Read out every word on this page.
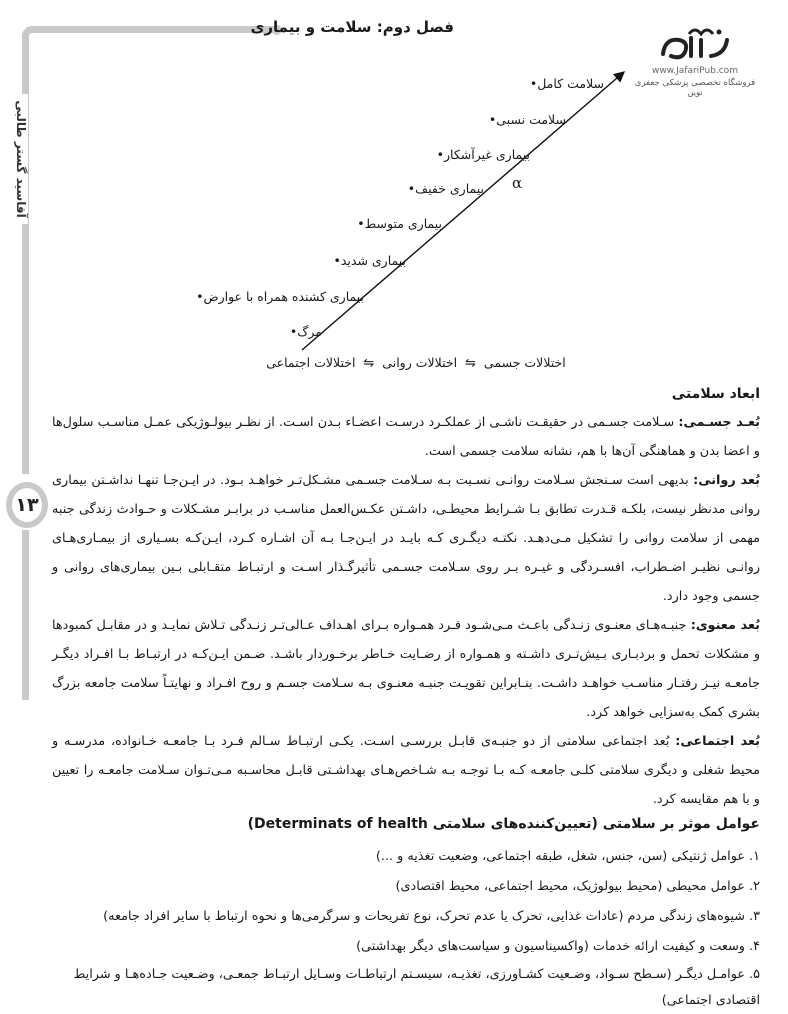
آقاسید گستر طالبی
۱۳
فصل دوم: سلامت و بیماری
www.JafariPub.com
فروشگاه تخصصی پزشکی جعفری نوین
α
سلامت کامل•
سلامت نسبی•
بیماری غیرآشکار•
بیماری خفیف•
بیماری متوسط•
بیماری شدید•
بیماری کشنده همراه با عوارض•
مرگ•
اختلالات جسمی ⇋ اختلالات روانی ⇋ اختلالات اجتماعی
ابعاد سلامتی

بُعـد جسـمی: سـلامت جسـمی در حقیقـت ناشـی از عملکـرد درسـت اعضـاء بـدن اسـت. از نظـر بیولـوژیکی عمـل مناسـب سلول‌ها و اعضا بدن و هماهنگی آن‌ها با هم، نشانه سلامت جسمی است.

بُعد روانی: بدیهی است سـنجش سـلامت روانـی نسـبت بـه سـلامت جسـمی مشـکل‌تـر خواهـد بـود. در ایـن‌جـا تنهـا نداشـتن بیماری روانی مدنظر نیست، بلکـه قـدرت تطابق بـا شـرایط محیطـی، داشـتن عکـس‌العمل مناسـب در برابـر مشـکلات و حـوادث زندگی جنبه مهمی از سلامت روانی را تشکیل مـی‌دهـد. نکتـه دیگـری کـه بایـد در ایـن‌جـا بـه آن اشـاره کـرد، ایـن‌کـه بسـیاری از بیمـاری‌هـای روانـی نظیـر اضـطراب، افسـردگی و غیـره بـر روی سـلامت جسـمی تأثیرگـذار اسـت و ارتبـاط متقـابلی بـین بیماری‌های روانی و جسمی وجود دارد.

بُعد معنوی: جنبـه‌هـای معنـوی زنـدگی باعـث مـی‌شـود فـرد همـواره بـرای اهـداف عـالی‌تـر زنـدگی تـلاش نمایـد و در مقابـل کمبودها و مشکلات تحمل و بردبـاری بـیش‌تـری داشـته و همـواره از رضـایت خـاطر برخـوردار باشـد. ضـمن ایـن‌کـه در ارتبـاط بـا افـراد دیگـر جامعـه نیـز رفتـار مناسـب خواهـد داشـت. بنـابراین تقویـت جنبـه معنـوی بـه سـلامت جسـم و روح افـراد و نهایتـاً سلامت جامعه بزرگ بشری کمک به‌سزایی خواهد کرد.

بُعد اجتماعی: بُعد اجتماعی سلامتی از دو جنبـه‌ی قابـل بررسـی اسـت. یکـی ارتبـاط سـالم فـرد بـا جامعـه خـانواده، مدرسـه و محیط شغلی و دیگری سلامتی کلـی جامعـه کـه بـا توجـه بـه شـاخص‌هـای بهداشـتی قابـل محاسـبه مـی‌تـوان سـلامت جامعـه را تعیین و با هم مقایسه کرد.

عوامل موثر بر سلامتی (تعیین‌کننده‌های سلامتی Determinats of health)
۱. عوامل ژنتیکی (سن، جنس، شغل، طبقه اجتماعی، وضعیت تغذیه و ...)
۲. عوامل محیطی (محیط بیولوژیک، محیط اجتماعی، محیط اقتصادی)
۳. شیوه‌های زندگی مردم (عادات غذایی، تحرک یا عدم تحرک، نوع تفریحات و سرگرمی‌ها و نحوه ارتباط با سایر افراد جامعه)
۴. وسعت و کیفیت ارائه خدمات (واکسیناسیون و سیاست‌های دیگر بهداشتی)
۵. عوامـل دیگـر (سـطح سـواد، وضـعیت کشـاورزی، تغذیـه، سیسـتم ارتباطـات وسـایل ارتبـاط جمعـی، وضـعیت جـاده‌هـا و شرایط اقتصادی اجتماعی)
